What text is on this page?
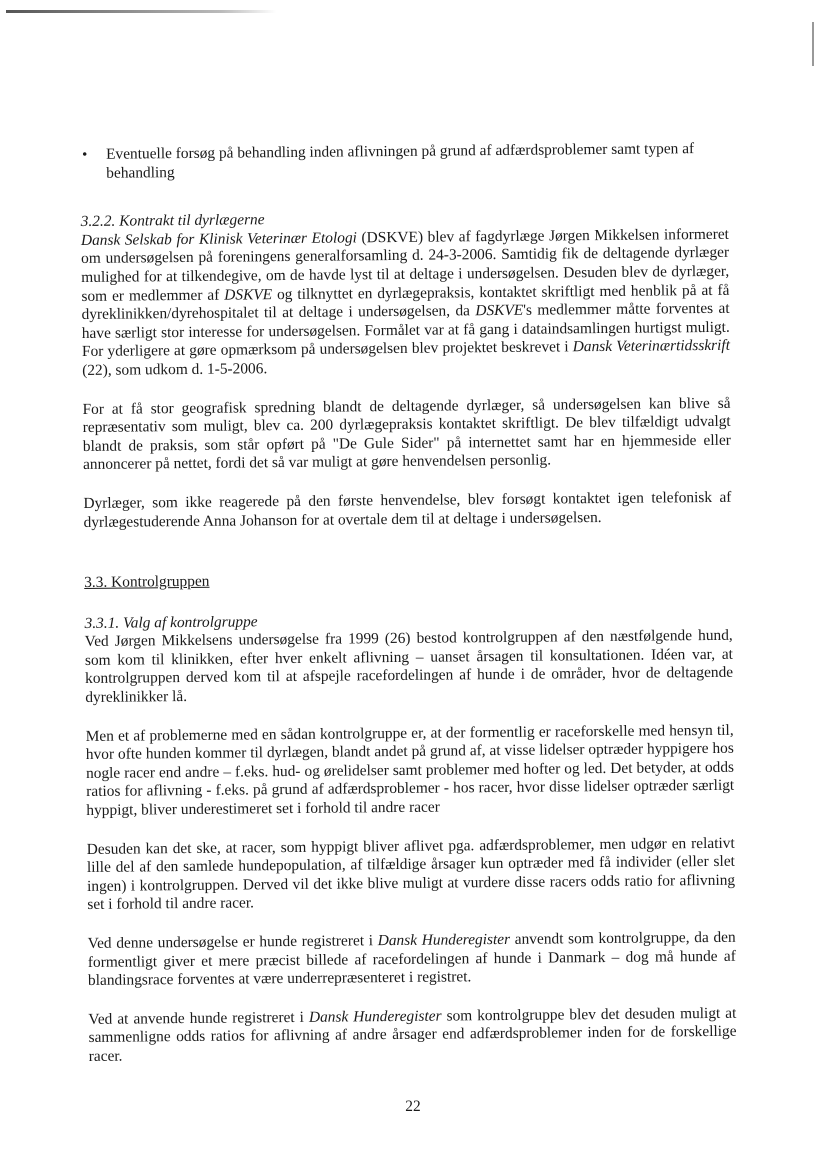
• Eventuelle forsøg på behandling inden aflivningen på grund af adfærdsproblemer samt typen af behandling

3.2.2. Kontrakt til dyrlægerne

Dansk Selskab for Klinisk Veterinær Etologi (DSKVE) blev af fagdyrlæge Jørgen Mikkelsen informeret om undersøgelsen på foreningens generalforsamling d. 24-3-2006. Samtidig fik de deltagende dyrlæger mulighed for at tilkendegive, om de havde lyst til at deltage i undersøgelsen. Desuden blev de dyrlæger, som er medlemmer af DSKVE og tilknyttet en dyrlægepraksis, kontaktet skriftligt med henblik på at få dyreklinikken/dyrehospitalet til at deltage i undersøgelsen, da DSKVE's medlemmer måtte forventes at have særligt stor interesse for undersøgelsen. Formålet var at få gang i dataindsamlingen hurtigst muligt. For yderligere at gøre opmærksom på undersøgelsen blev projektet beskrevet i Dansk Veterinærtidsskrift (22), som udkom d. 1-5-2006.

For at få stor geografisk spredning blandt de deltagende dyrlæger, så undersøgelsen kan blive så repræsentativ som muligt, blev ca. 200 dyrlægepraksis kontaktet skriftligt. De blev tilfældigt udvalgt blandt de praksis, som står opført på "De Gule Sider" på internettet samt har en hjemmeside eller annoncerer på nettet, fordi det så var muligt at gøre henvendelsen personlig.

Dyrlæger, som ikke reagerede på den første henvendelse, blev forsøgt kontaktet igen telefonisk af dyrlægestuderende Anna Johanson for at overtale dem til at deltage i undersøgelsen.

3.3. Kontrolgruppen

3.3.1. Valg af kontrolgruppe

Ved Jørgen Mikkelsens undersøgelse fra 1999 (26) bestod kontrolgruppen af den næstfølgende hund, som kom til klinikken, efter hver enkelt aflivning – uanset årsagen til konsultationen. Idéen var, at kontrolgruppen derved kom til at afspejle racefordelingen af hunde i de områder, hvor de deltagende dyreklinikker lå.

Men et af problemerne med en sådan kontrolgruppe er, at der formentlig er raceforskelle med hensyn til, hvor ofte hunden kommer til dyrlægen, blandt andet på grund af, at visse lidelser optræder hyppigere hos nogle racer end andre – f.eks. hud- og ørelidelser samt problemer med hofter og led. Det betyder, at odds ratios for aflivning - f.eks. på grund af adfærdsproblemer - hos racer, hvor disse lidelser optræder særligt hyppigt, bliver underestimeret set i forhold til andre racer

Desuden kan det ske, at racer, som hyppigt bliver aflivet pga. adfærdsproblemer, men udgør en relativt lille del af den samlede hundepopulation, af tilfældige årsager kun optræder med få individer (eller slet ingen) i kontrolgruppen. Derved vil det ikke blive muligt at vurdere disse racers odds ratio for aflivning set i forhold til andre racer.

Ved denne undersøgelse er hunde registreret i Dansk Hunderegister anvendt som kontrolgruppe, da den formentligt giver et mere præcist billede af racefordelingen af hunde i Danmark – dog må hunde af blandingsrace forventes at være underrepræsenteret i registret.

Ved at anvende hunde registreret i Dansk Hunderegister som kontrolgruppe blev det desuden muligt at sammenligne odds ratios for aflivning af andre årsager end adfærdsproblemer inden for de forskellige racer.

22
